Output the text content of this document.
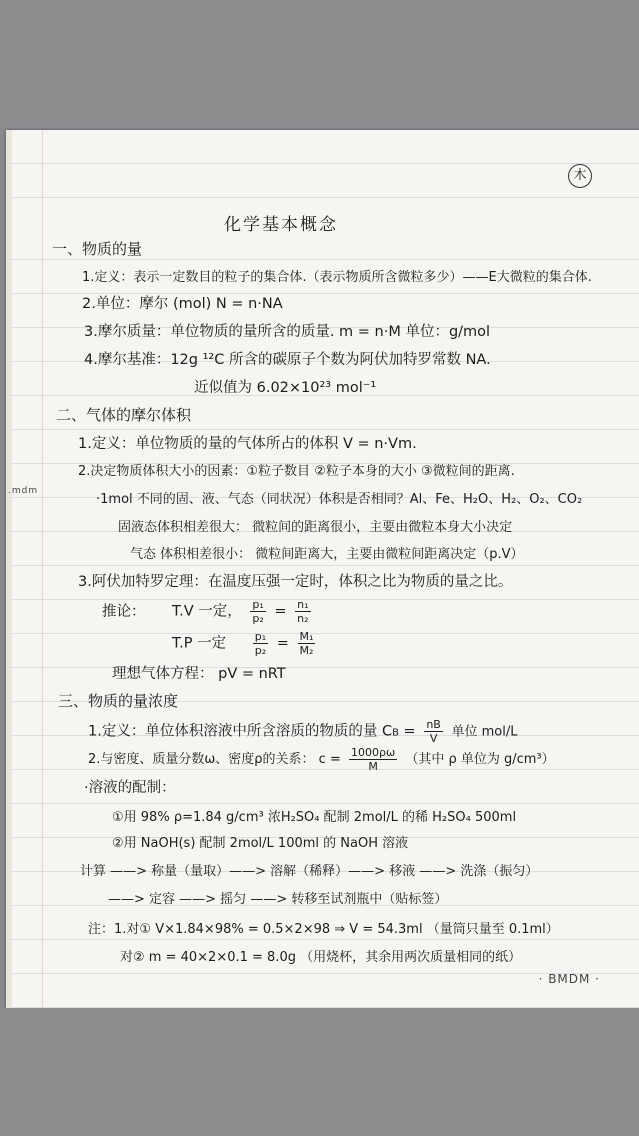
木
化学基本概念
一、物质的量
1.定义：表示一定数目的粒子的集合体.（表示物质所含微粒多少）——E大微粒的集合体.
2.单位：摩尔 (mol) N = n·NA
3.摩尔质量：单位物质的量所含的质量. m = n·M 单位：g/mol
4.摩尔基准：12g ¹²C 所含的碳原子个数为阿伏加特罗常数 NA.
近似值为 6.02×10²³ mol⁻¹
二、气体的摩尔体积
1.定义：单位物质的量的气体所占的体积 V = n·Vm.
2.决定物质体积大小的因素：①粒子数目 ②粒子本身的大小 ③微粒间的距离.
·1mol 不同的固、液、气态（同状况）体积是否相同？Al、Fe、H₂O、H₂、O₂、CO₂
固液态体积相差很大： 微粒间的距离很小，主要由微粒本身大小决定
气态 体积相差很小： 微粒间距离大，主要由微粒间距离决定（p.V）
3.阿伏加特罗定理：在温度压强一定时，体积之比为物质的量之比。
推论： T.V 一定， $\frac{\text{p₁}}{\text{p₂}} = \frac{\text{n₁}}{\text{n₂}}$
T.P 一定 $\frac{\text{p₁}}{\text{p₂}} = \frac{\text{M₁}}{\text{M₂}}$
理想气体方程： pV = nRT
三、物质的量浓度
1.定义：单位体积溶液中所含溶质的物质的量 CB = $\frac{nB}{V}$ 单位 mol/L
2.与密度、质量分数ω、密度ρ的关系： $c = \frac{1000\rho\omega}{M}$ （其中 ρ 单位为 g/cm³）
·溶液的配制：
①用 98% ρ=1.84 g/cm³ 浓H₂SO₄ 配制 2mol/L 的稀 H₂SO₄ 500ml
②用 NaOH(s) 配制 2mol/L 100ml 的 NaOH 溶液
计算 ——> 称量（量取）——> 溶解（稀释）——> 移液 ——> 洗涤（振匀）
——> 定容 ——> 摇匀 ——> 转移至试剂瓶中（贴标签）
注：1.对① V×1.84×98% = 0.5×2×98 ⇒ V = 54.3ml （量筒只量至 0.1ml）
对② m = 40×2×0.1 = 8.0g （用烧杯，其余用两次质量相同的纸）
· BMDM ·
.mdm
